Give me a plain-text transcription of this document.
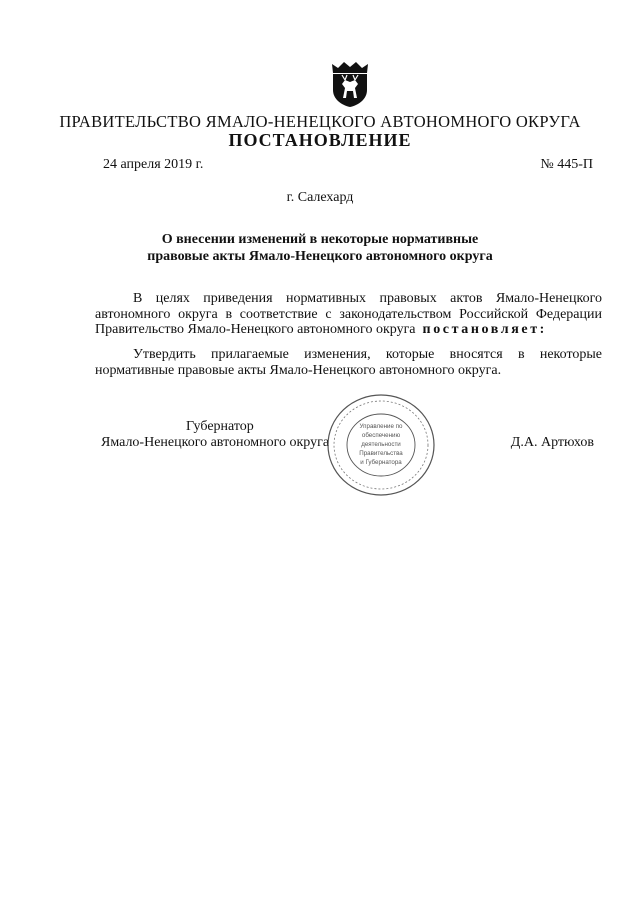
ПРАВИТЕЛЬСТВО ЯМАЛО-НЕНЕЦКОГО АВТОНОМНОГО ОКРУГА
ПОСТАНОВЛЕНИЕ
24 апреля 2019 г.	№ 445-П
г. Салехард
О внесении изменений в некоторые нормативные
правовые акты Ямало-Ненецкого автономного округа
В целях приведения нормативных правовых актов Ямало-Ненецкого автономного округа в соответствие с законодательством Российской Федерации Правительство Ямало-Ненецкого автономного округа постановляет:
Утвердить прилагаемые изменения, которые вносятся в некоторые нормативные правовые акты Ямало-Ненецкого автономного округа.
Губернатор
Ямало-Ненецкого автономного округа	Д.А. Артюхов
Управление по
обеспечению
деятельности
Правительства
и Губернатора
